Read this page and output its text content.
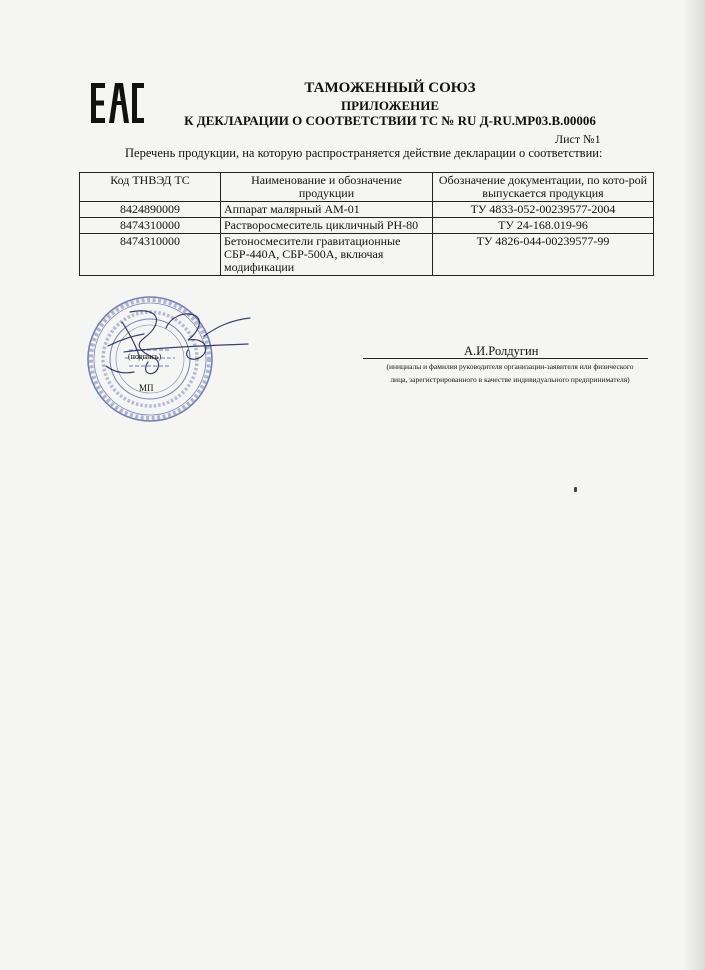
ТАМОЖЕННЫЙ СОЮЗ
ПРИЛОЖЕНИЕ
К ДЕКЛАРАЦИИ О СООТВЕТСТВИИ ТС № RU Д-RU.МР03.В.00006
Лист №1
Перечень продукции, на которую распространяется действие декларации о соответствии:
Код ТНВЭД ТС	Наименование и обозначение продукции	Обозначение документации, по кото-рой выпускается продукция
8424890009	Аппарат малярный АМ-01	ТУ 4833-052-00239577-2004
8474310000	Растворосмеситель цикличный РН-80	ТУ 24-168.019-96
8474310000	Бетоносмесители гравитационные СБР-440А, СБР-500А, включая модификации	ТУ 4826-044-00239577-99
(подпись)
МП
А.И.Ролдугин
(инициалы и фамилия руководителя организации-заявителя или физического лица, зарегистрированного в качестве индивидуального предпринимателя)
